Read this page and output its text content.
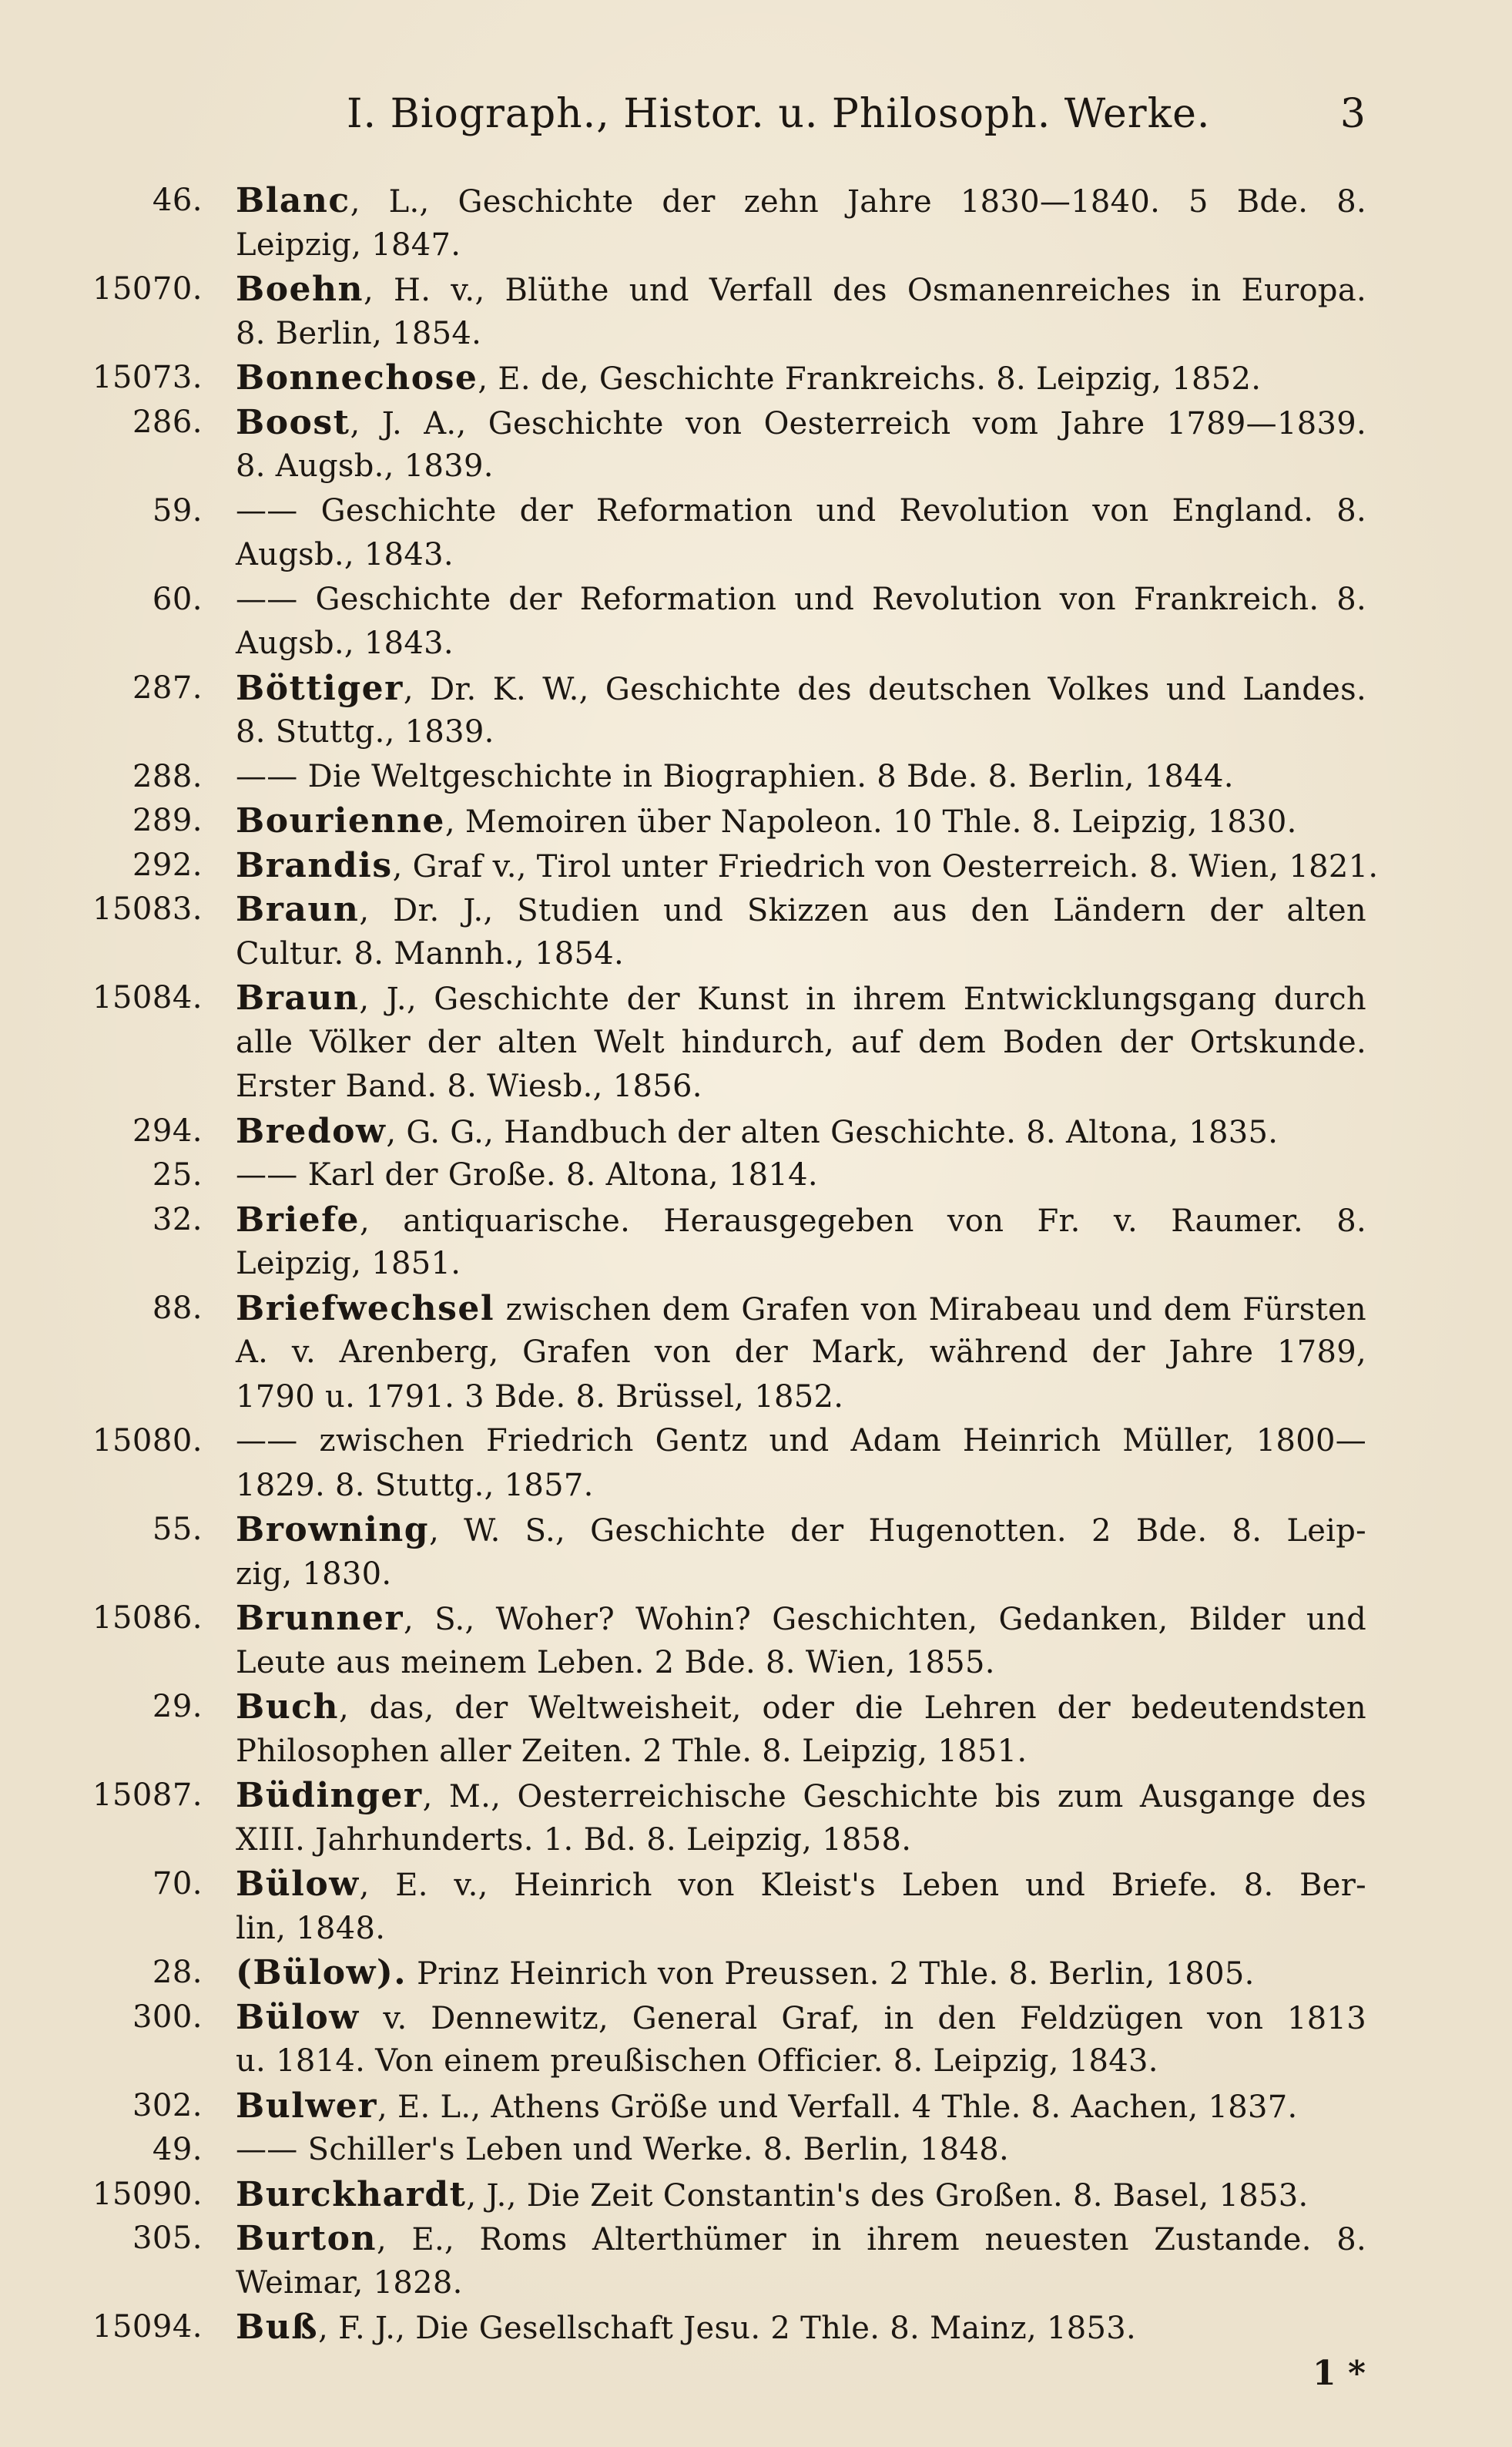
I. Biograph., Histor. u. Philosoph. Werke.	3
46. Blanc, L., Geschichte der zehn Jahre 1830—1840. 5 Bde. 8.
Leipzig, 1847.
15070. Boehn, H. v., Blüthe und Verfall des Osmanenreiches in Europa.
8. Berlin, 1854.
15073. Bonnechose, E. de, Geschichte Frankreichs. 8. Leipzig, 1852.
286. Boost, J. A., Geschichte von Oesterreich vom Jahre 1789—1839.
8. Augsb., 1839.
59. —— Geschichte der Reformation und Revolution von England. 8.
Augsb., 1843.
60. —— Geschichte der Reformation und Revolution von Frankreich. 8.
Augsb., 1843.
287. Böttiger, Dr. K. W., Geschichte des deutschen Volkes und Landes.
8. Stuttg., 1839.
288. —— Die Weltgeschichte in Biographien. 8 Bde. 8. Berlin, 1844.
289. Bourienne, Memoiren über Napoleon. 10 Thle. 8. Leipzig, 1830.
292. Brandis, Graf v., Tirol unter Friedrich von Oesterreich. 8. Wien, 1821.
15083. Braun, Dr. J., Studien und Skizzen aus den Ländern der alten
Cultur. 8. Mannh., 1854.
15084. Braun, J., Geschichte der Kunst in ihrem Entwicklungsgang durch
alle Völker der alten Welt hindurch, auf dem Boden der Ortskunde.
Erster Band. 8. Wiesb., 1856.
294. Bredow, G. G., Handbuch der alten Geschichte. 8. Altona, 1835.
25. —— Karl der Große. 8. Altona, 1814.
32. Briefe, antiquarische. Herausgegeben von Fr. v. Raumer. 8.
Leipzig, 1851.
88. Briefwechsel zwischen dem Grafen von Mirabeau und dem Fürsten
A. v. Arenberg, Grafen von der Mark, während der Jahre 1789,
1790 u. 1791. 3 Bde. 8. Brüssel, 1852.
15080. —— zwischen Friedrich Gentz und Adam Heinrich Müller, 1800—
1829. 8. Stuttg., 1857.
55. Browning, W. S., Geschichte der Hugenotten. 2 Bde. 8. Leip-
zig, 1830.
15086. Brunner, S., Woher? Wohin? Geschichten, Gedanken, Bilder und
Leute aus meinem Leben. 2 Bde. 8. Wien, 1855.
29. Buch, das, der Weltweisheit, oder die Lehren der bedeutendsten
Philosophen aller Zeiten. 2 Thle. 8. Leipzig, 1851.
15087. Büdinger, M., Oesterreichische Geschichte bis zum Ausgange des
XIII. Jahrhunderts. 1. Bd. 8. Leipzig, 1858.
70. Bülow, E. v., Heinrich von Kleist's Leben und Briefe. 8. Ber-
lin, 1848.
28. (Bülow). Prinz Heinrich von Preussen. 2 Thle. 8. Berlin, 1805.
300. Bülow v. Dennewitz, General Graf, in den Feldzügen von 1813
u. 1814. Von einem preußischen Officier. 8. Leipzig, 1843.
302. Bulwer, E. L., Athens Größe und Verfall. 4 Thle. 8. Aachen, 1837.
49. —— Schiller's Leben und Werke. 8. Berlin, 1848.
15090. Burckhardt, J., Die Zeit Constantin's des Großen. 8. Basel, 1853.
305. Burton, E., Roms Alterthümer in ihrem neuesten Zustande. 8.
Weimar, 1828.
15094. Buß, F. J., Die Gesellschaft Jesu. 2 Thle. 8. Mainz, 1853.
1 *
